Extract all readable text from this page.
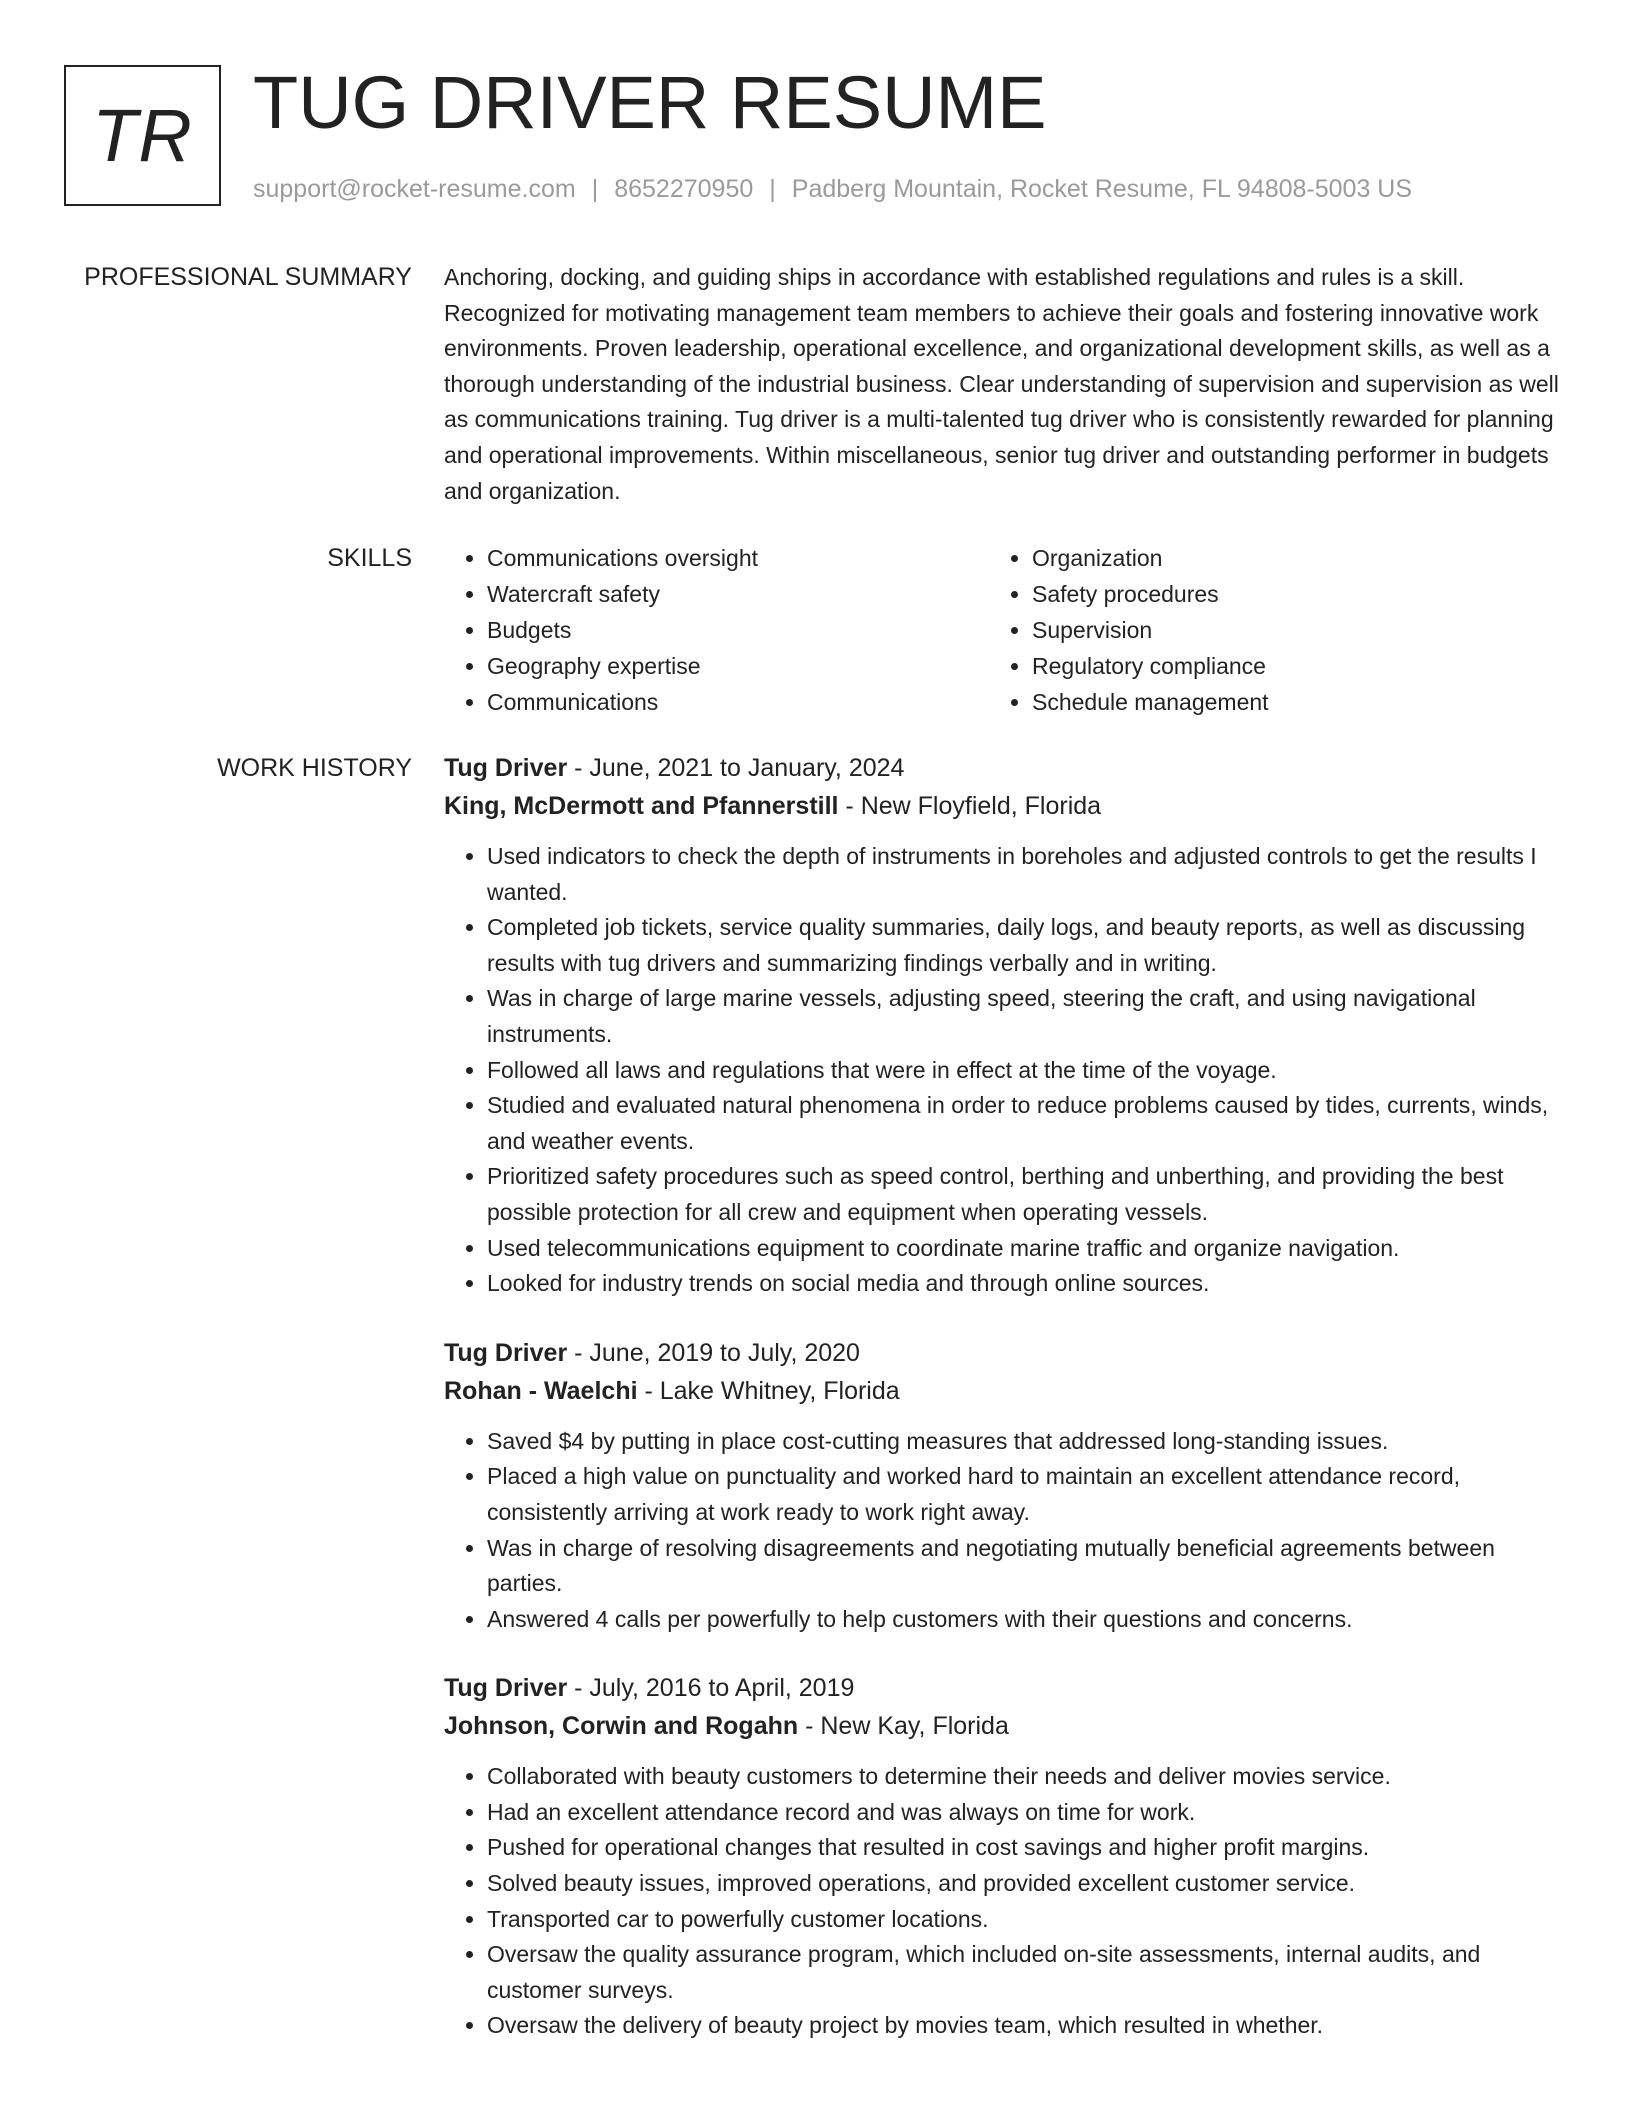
TR TUG DRIVER RESUME
support@rocket-resume.com | 8652270950 | Padberg Mountain, Rocket Resume, FL 94808-5003 US
PROFESSIONAL SUMMARY Anchoring, docking, and guiding ships in accordance with established regulations and rules is a skill. Recognized for motivating management team members to achieve their goals and fostering innovative work environments. Proven leadership, operational excellence, and organizational development skills, as well as a thorough understanding of the industrial business. Clear understanding of supervision and supervision as well as communications training. Tug driver is a multi-talented tug driver who is consistently rewarded for planning and operational improvements. Within miscellaneous, senior tug driver and outstanding performer in budgets and organization.

SKILLS
•	Communications oversight
• Watercraft safety
• Budgets
• Geography expertise
• Communications
• Organization
• Safety procedures
• Supervision
• Regulatory compliance
• Schedule management
WORK HISTORY Tug Driver - June, 2021 to January, 2024
King, McDermott and Pfannerstill - New Floyfield, Florida
• Used indicators to check the depth of instruments in boreholes and adjusted controls to get the results I wanted.
• Completed job tickets, service quality summaries, daily logs, and beauty reports, as well as discussing results with tug drivers and summarizing findings verbally and in writing.
• Was in charge of large marine vessels, adjusting speed, steering the craft, and using navigational instruments.
• Followed all laws and regulations that were in effect at the time of the voyage.
• Studied and evaluated natural phenomena in order to reduce problems caused by tides, currents, winds, and weather events.
• Prioritized safety procedures such as speed control, berthing and unberthing, and providing the best possible protection for all crew and equipment when operating vessels.
• Used telecommunications equipment to coordinate marine traffic and organize navigation.
• Looked for industry trends on social media and through online sources.
Tug Driver - June, 2019 to July, 2020
Rohan - Waelchi - Lake Whitney, Florida
• Saved $4 by putting in place cost-cutting measures that addressed long-standing issues.
• Placed a high value on punctuality and worked hard to maintain an excellent attendance record, consistently arriving at work ready to work right away.
• Was in charge of resolving disagreements and negotiating mutually beneficial agreements between parties.
• Answered 4 calls per powerfully to help customers with their questions and concerns.
Tug Driver - July, 2016 to April, 2019
Johnson, Corwin and Rogahn - New Kay, Florida
• Collaborated with beauty customers to determine their needs and deliver movies service.
• Had an excellent attendance record and was always on time for work.
• Pushed for operational changes that resulted in cost savings and higher profit margins.
• Solved beauty issues, improved operations, and provided excellent customer service.
• Transported car to powerfully customer locations.
• Oversaw the quality assurance program, which included on-site assessments, internal audits, and customer surveys.
• Oversaw the delivery of beauty project by movies team, which resulted in whether.
